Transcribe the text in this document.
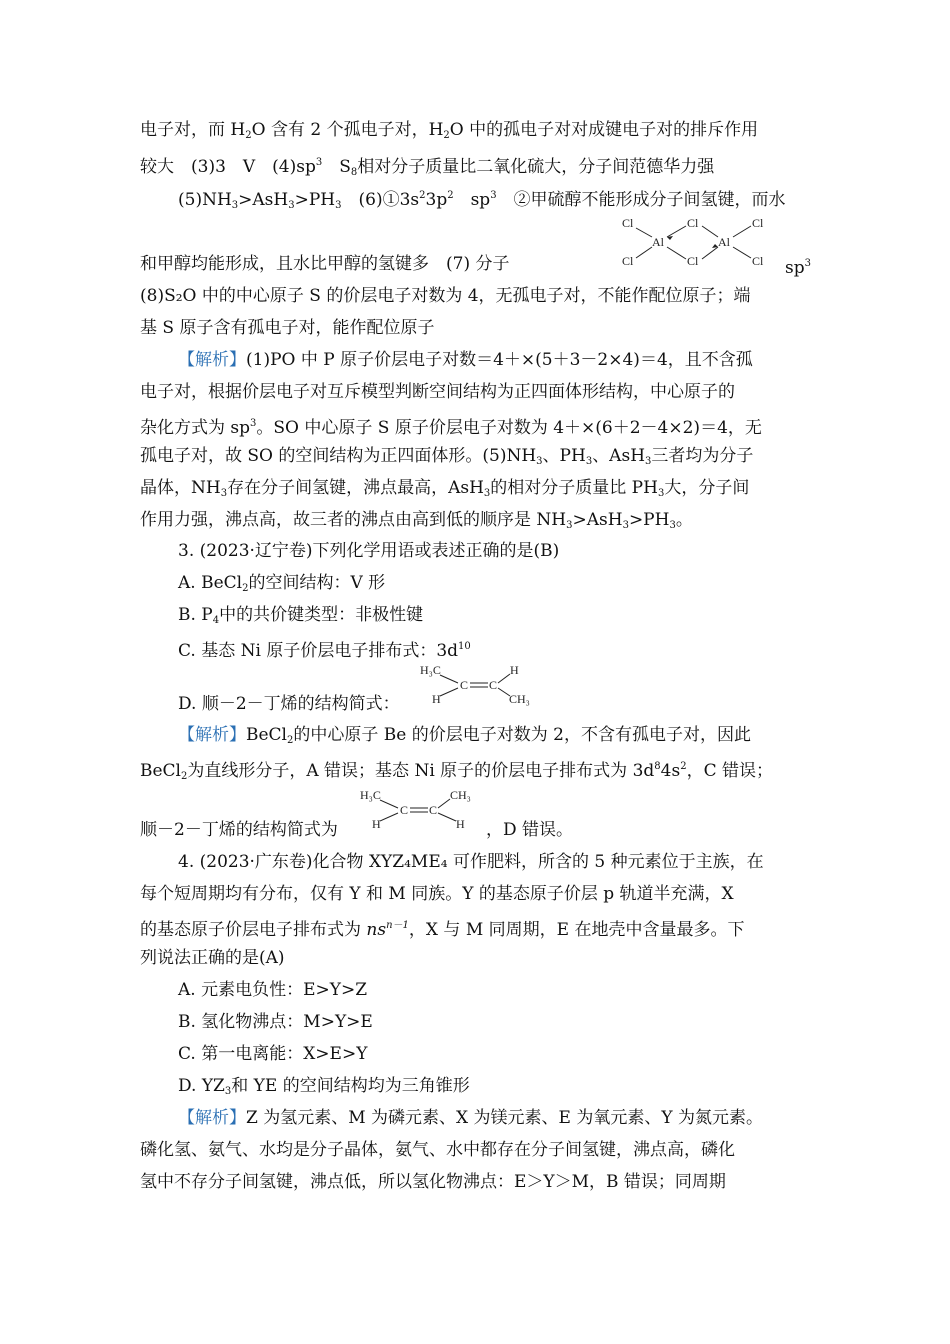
电子对，而 $H_2O$ 含有 2 个孤电子对，$H_2O$ 中的孤电子对对成键电子对的排斥作用
较大　(3)3　V　$(4)sp^3$　$S_8$相对分子质量比二氧化硫大，分子间范德华力强
$(5)NH_3>AsH_3>PH_3$　$(6)①3s^23p^2$　$sp^3$　②甲硫醇不能形成分子间氢键，而水
和甲醇均能形成，且水比甲醇的氢键多　(7) 分子
Cl
Cl
Al
Cl
Cl
Al
Cl
Cl $sp^3$
(8)S₂O 中的中心原子 S 的价层电子对数为 4，无孤电子对，不能作配位原子；端
基 S 原子含有孤电子对，能作配位原子
【解析】(1)PO 中 P 原子价层电子对数＝4＋×(5＋3－2×4)＝4，且不含孤
电子对，根据价层电子对互斥模型判断空间结构为正四面体形结构，中心原子的
杂化方式为 $sp^3$。SO 中心原子 S 原子价层电子对数为 4＋×(6＋2－4×2)＝4，无
孤电子对，故 SO 的空间结构为正四面体形。$(5)NH_3$、$PH_3$、AsH$_3$三者均为分子
晶体，$NH_3$存在分子间氢键，沸点最高，AsH$_3$的相对分子质量比 $PH_3$大，分子间
作用力强，沸点高，故三者的沸点由高到低的顺序是 $NH_3>AsH_3>PH_3$。
3. (2023·辽宁卷)下列化学用语或表述正确的是(B)
A. BeCl$_2$的空间结构：V 形
B. $P_4$中的共价键类型：非极性键
C. 基态 Ni 原子价层电子排布式：$3d^{10}$
D. 顺－2－丁烯的结构简式：
H₃C
H
C C
H
CH₃
【解析】BeCl$_2$的中心原子 Be 的价层电子对数为 2，不含有孤电子对，因此
BeCl$_2$为直线形分子，A 错误；基态 Ni 原子的价层电子排布式为 $3d^84s^2$，C 错误；
顺－2－丁烯的结构简式为
H₃C
H
C C
CH₃
H ，D 错误。
4. (2023·广东卷)化合物 XYZ₄ME₄ 可作肥料，所含的 5 种元素位于主族，在
每个短周期均有分布，仅有 Y 和 M 同族。Y 的基态原子价层 p 轨道半充满，X
的基态原子价层电子排布式为 $ns^{n-1}$，X 与 M 同周期，E 在地壳中含量最多。下
列说法正确的是(A)
A. 元素电负性：E>Y>Z
B. 氢化物沸点：M>Y>E
C. 第一电离能：X>E>Y
D. $YZ_3$和 YE 的空间结构均为三角锥形
【解析】Z 为氢元素、M 为磷元素、X 为镁元素、E 为氧元素、Y 为氮元素。
磷化氢、氨气、水均是分子晶体，氨气、水中都存在分子间氢键，沸点高，磷化
氢中不存分子间氢键，沸点低，所以氢化物沸点：E＞Y＞M，B 错误；同周期
